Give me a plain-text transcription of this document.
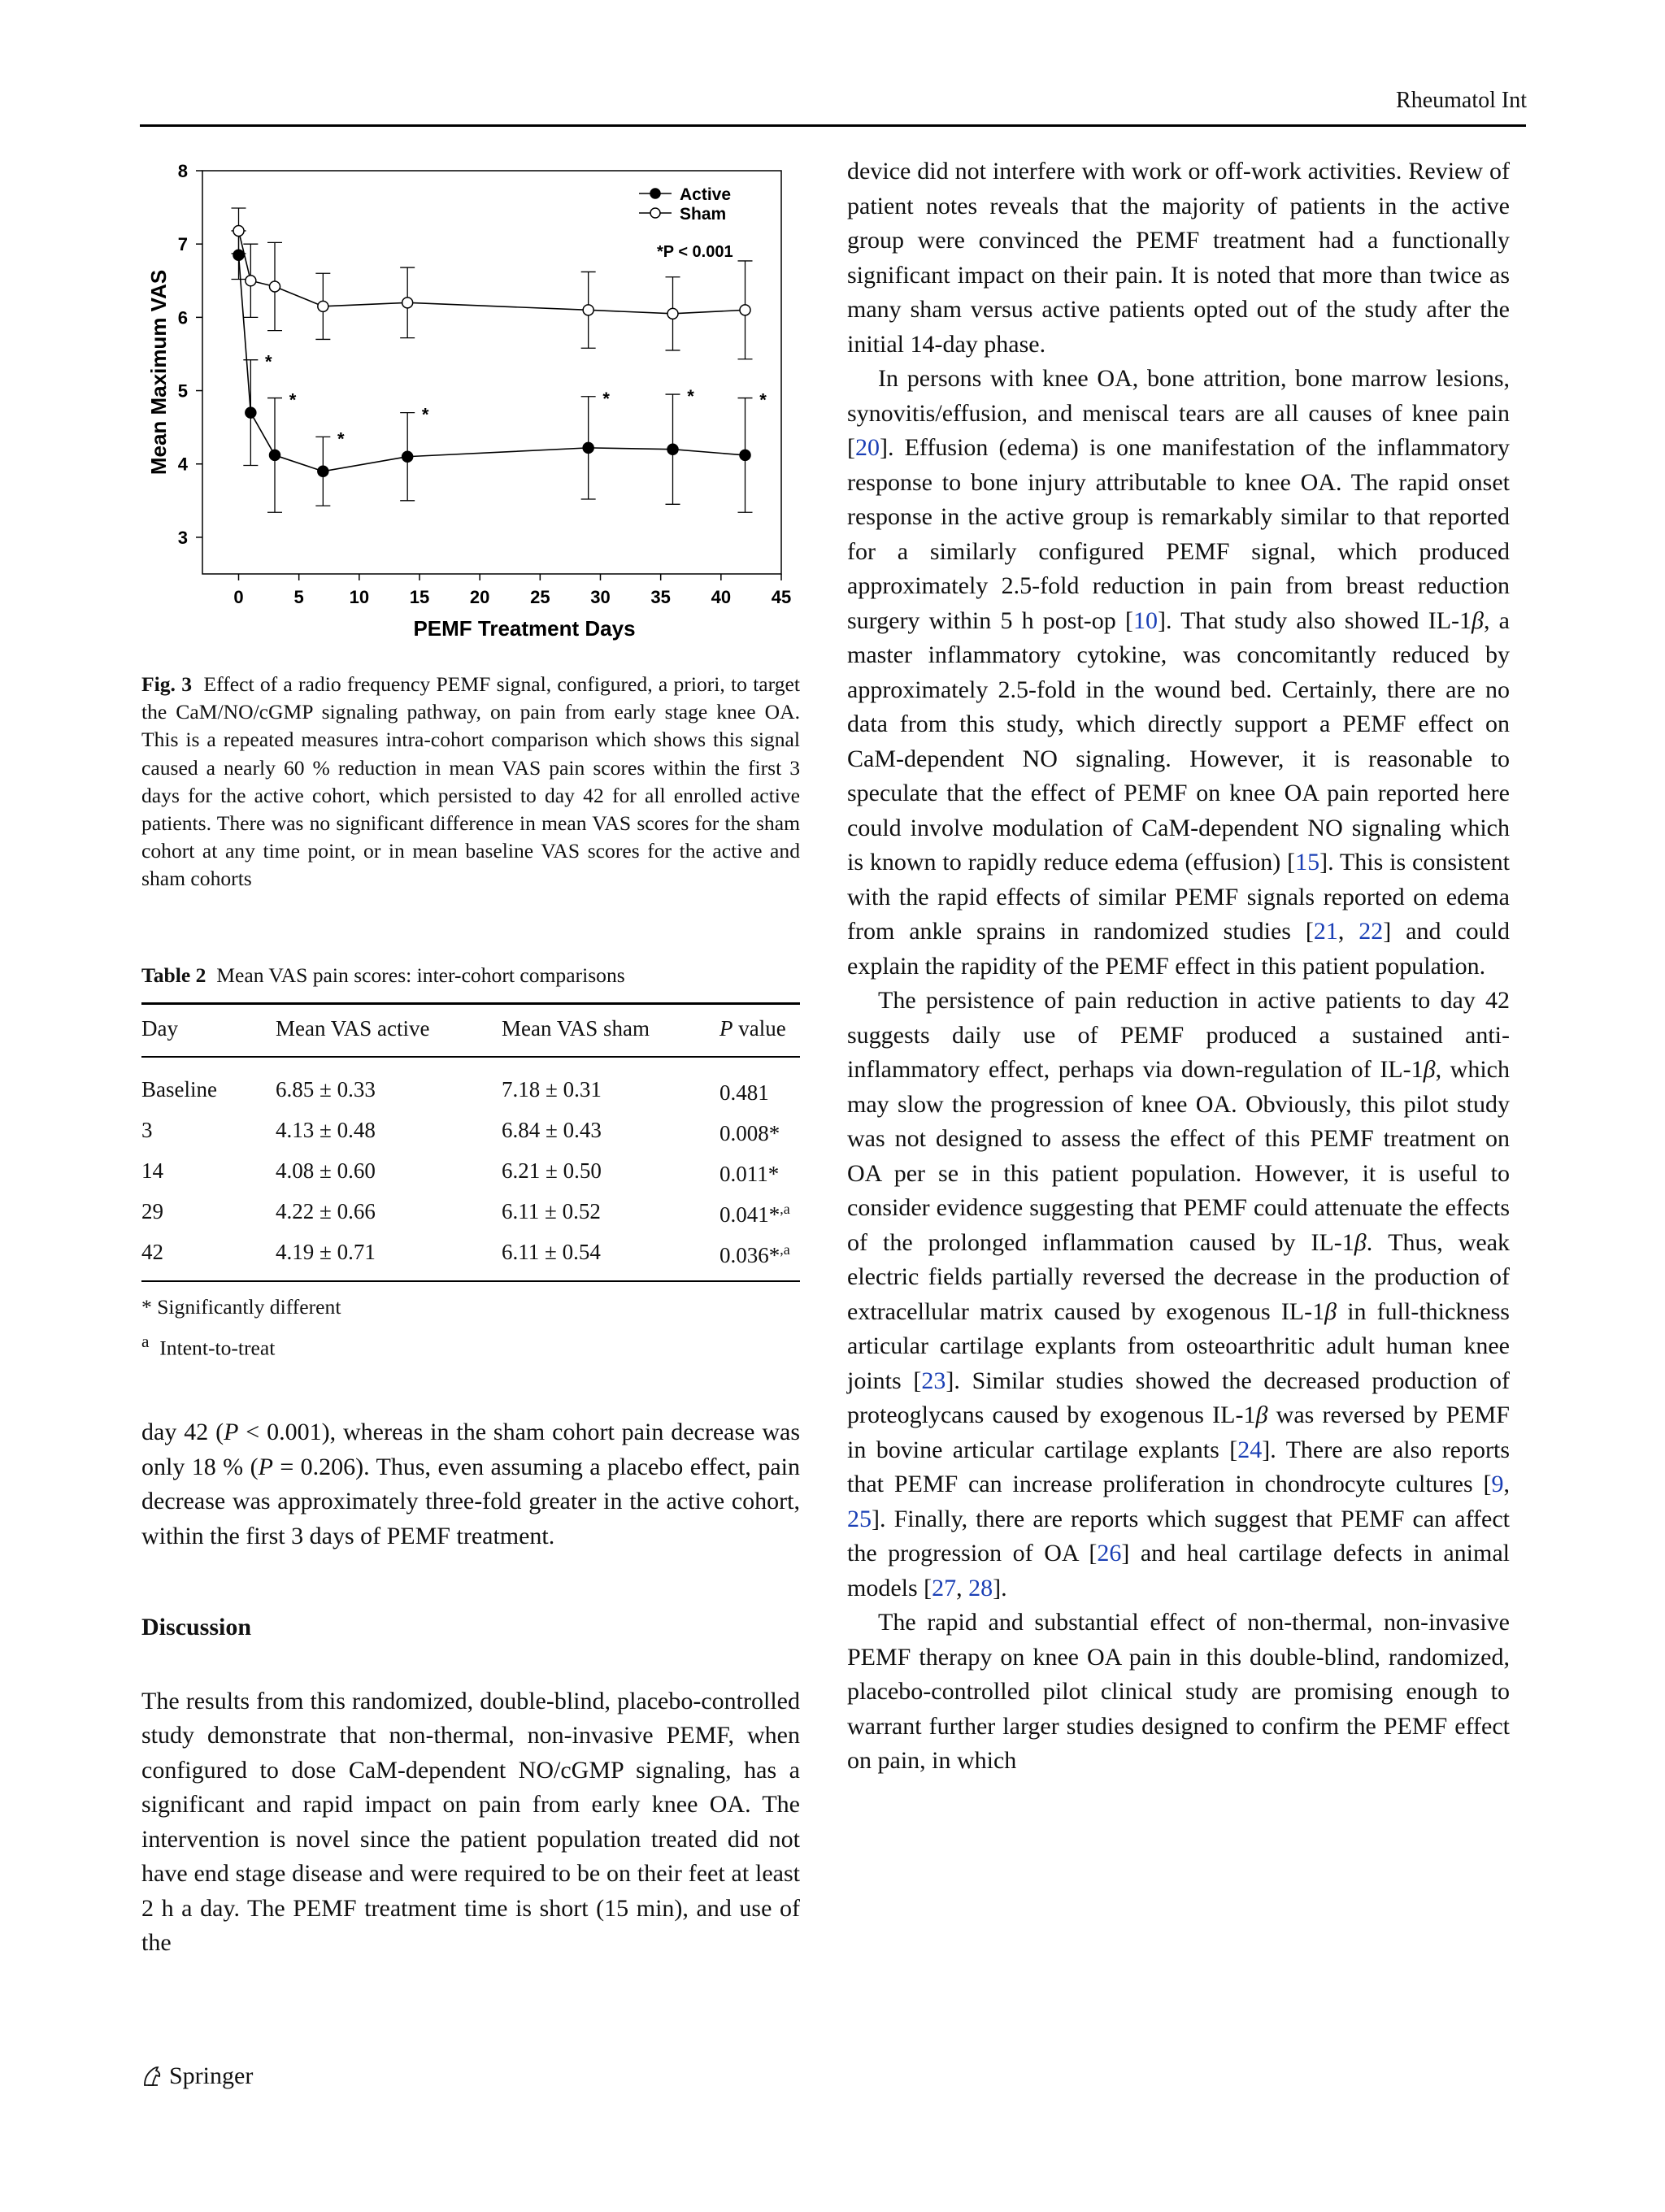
Rheumatol Int
3
4
5
6
7
8
0	5	10 15 20 25 30 35 40 45
PEMF Treatment Days
Mean Maximum VAS	*
*
*
*
*	*	*
Active
Sham
*P < 0.001
Fig. 3 Effect of a radio frequency PEMF signal, configured, a priori, to target the CaM/NO/cGMP signaling pathway, on pain from early stage knee OA. This is a repeated measures intra-cohort comparison which shows this signal caused a nearly 60 % reduction in mean VAS pain scores within the first 3 days for the active cohort, which persisted to day 42 for all enrolled active patients. There was no significant difference in mean VAS scores for the sham cohort at any time point, or in mean baseline VAS scores for the active and sham cohorts
Table 2 Mean VAS pain scores: inter-cohort comparisons
Day	Mean VAS active	Mean VAS sham	P value
Baseline	6.85 ± 0.33	7.18 ± 0.31	0.481
3	4.13 ± 0.48	6.84 ± 0.43	0.008*
14	4.08 ± 0.60	6.21 ± 0.50	0.011*
29	4.22 ± 0.66	6.11 ± 0.52	0.041*$^{,a}$
42	4.19 ± 0.71	6.11 ± 0.54	0.036*$^{,a}$
* Significantly different
$^a$ Intent-to-treat

day 42 (P < 0.001), whereas in the sham cohort pain decrease was only 18 % (P = 0.206). Thus, even assuming a placebo effect, pain decrease was approximately three-fold greater in the active cohort, within the first 3 days of PEMF treatment.

Discussion

The results from this randomized, double-blind, placebo-controlled study demonstrate that non-thermal, non-invasive PEMF, when configured to dose CaM-dependent NO/cGMP signaling, has a significant and rapid impact on pain from early knee OA. The intervention is novel since the patient population treated did not have end stage disease and were required to be on their feet at least 2 h a day. The PEMF treatment time is short (15 min), and use of the

device did not interfere with work or off-work activities. Review of patient notes reveals that the majority of patients in the active group were convinced the PEMF treatment had a functionally significant impact on their pain. It is noted that more than twice as many sham versus active patients opted out of the study after the initial 14-day phase.

In persons with knee OA, bone attrition, bone marrow lesions, synovitis/effusion, and meniscal tears are all causes of knee pain [20]. Effusion (edema) is one manifestation of the inflammatory response to bone injury attributable to knee OA. The rapid onset response in the active group is remarkably similar to that reported for a similarly configured PEMF signal, which produced approximately 2.5-fold reduction in pain from breast reduction surgery within 5 h post-op [10]. That study also showed IL-1β, a master inflammatory cytokine, was concomitantly reduced by approximately 2.5-fold in the wound bed. Certainly, there are no data from this study, which directly support a PEMF effect on CaM-dependent NO signaling. However, it is reasonable to speculate that the effect of PEMF on knee OA pain reported here could involve modulation of CaM-dependent NO signaling which is known to rapidly reduce edema (effusion) [15]. This is consistent with the rapid effects of similar PEMF signals reported on edema from ankle sprains in randomized studies [21, 22] and could explain the rapidity of the PEMF effect in this patient population.

The persistence of pain reduction in active patients to day 42 suggests daily use of PEMF produced a sustained anti-inflammatory effect, perhaps via down-regulation of IL-1β, which may slow the progression of knee OA. Obviously, this pilot study was not designed to assess the effect of this PEMF treatment on OA per se in this patient population. However, it is useful to consider evidence suggesting that PEMF could attenuate the effects of the prolonged inflammation caused by IL-1β. Thus, weak electric fields partially reversed the decrease in the production of extracellular matrix caused by exogenous IL-1β in full-thickness articular cartilage explants from osteoarthritic adult human knee joints [23]. Similar studies showed the decreased production of proteoglycans caused by exogenous IL-1β was reversed by PEMF in bovine articular cartilage explants [24]. There are also reports that PEMF can increase proliferation in chondrocyte cultures [9, 25]. Finally, there are reports which suggest that PEMF can affect the progression of OA [26] and heal cartilage defects in animal models [27, 28].

The rapid and substantial effect of non-thermal, non-invasive PEMF therapy on knee OA pain in this double-blind, randomized, placebo-controlled pilot clinical study are promising enough to warrant further larger studies designed to confirm the PEMF effect on pain, in which

Springer
